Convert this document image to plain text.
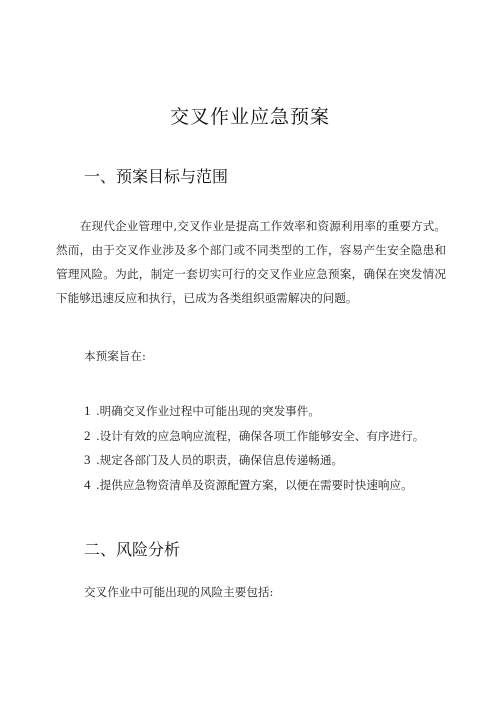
交叉作业应急预案
一、预案目标与范围

在现代企业管理中,交叉作业是提高工作效率和资源利用率的重要方式。然而，由于交叉作业涉及多个部门或不同类型的工作，容易产生安全隐患和管理风险。为此，制定一套切实可行的交叉作业应急预案，确保在突发情况下能够迅速反应和执行，已成为各类组织亟需解决的问题。

本预案旨在:

1 .明确交叉作业过程中可能出现的突发事件。
2 .设计有效的应急响应流程，确保各项工作能够安全、有序进行。
3 .规定各部门及人员的职责，确保信息传递畅通。
4 .提供应急物资清单及资源配置方案，以便在需要时快速响应。
二、风险分析

交叉作业中可能出现的风险主要包括:
